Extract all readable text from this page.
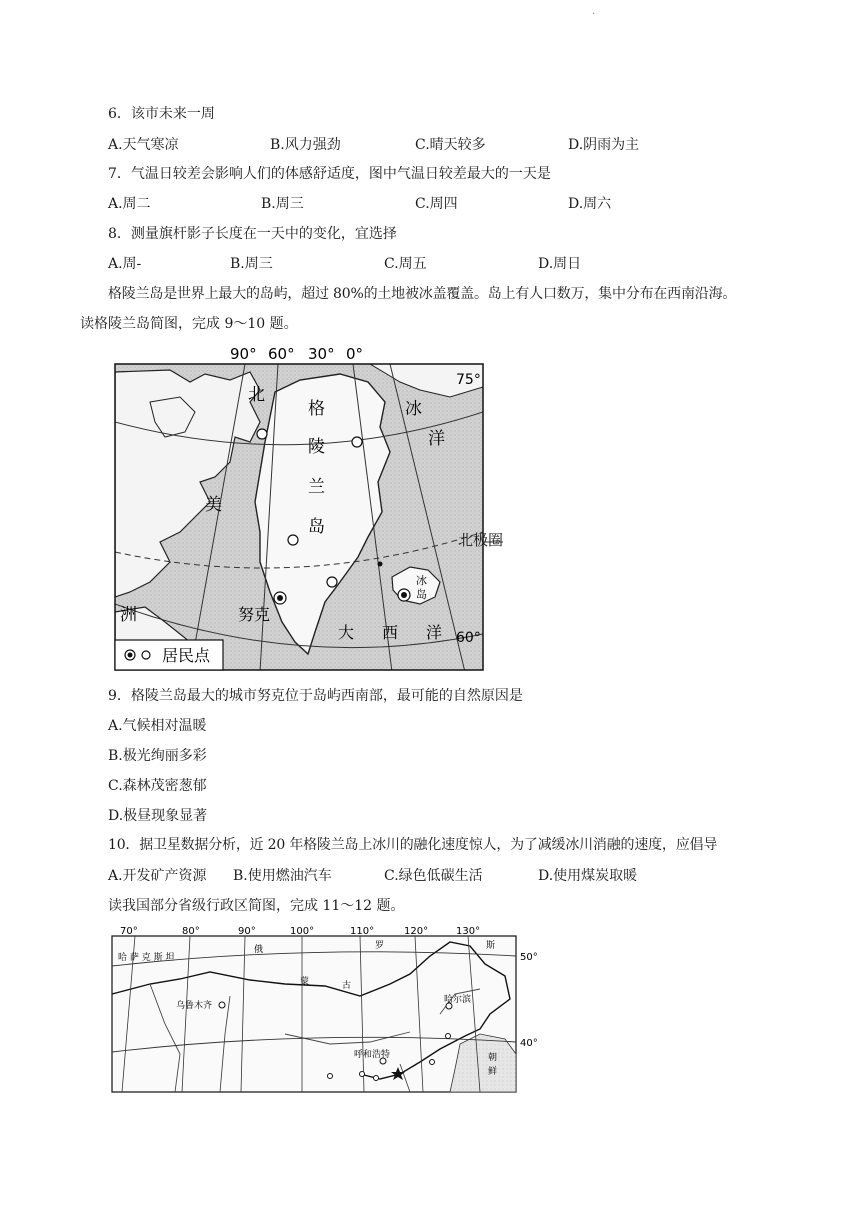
.
6．该市未来一周
A.天气寒凉	B.风力强劲	C.晴天较多	D.阴雨为主
7．气温日较差会影响人们的体感舒适度，图中气温日较差最大的一天是
A.周二	B.周三	C.周四	D.周六
8．测量旗杆影子长度在一天中的变化，宜选择
A.周-	B.周三	C.周五	D.周日
格陵兰岛是世界上最大的岛屿，超过 80%的土地被冰盖覆盖。岛上有人口数万，集中分布在西南沿海。
读格陵兰岛简图，完成 9～10 题。
90° 60° 30° 0°
75°
60°
北
冰
洋
格
陵
兰
岛
美
洲	努克
大 西 洋
冰
岛
居民点
北极圈
9．格陵兰岛最大的城市努克位于岛屿西南部，最可能的自然原因是
A.气候相对温暖
B.极光绚丽多彩
C.森林茂密葱郁
D.极昼现象显著
10．据卫星数据分析，近 20 年格陵兰岛上冰川的融化速度惊人，为了减缓冰川消融的速度，应倡导
A.开发矿产资源 B.使用燃油汽车	C.绿色低碳生活	D.使用煤炭取暖
读我国部分省级行政区简图，完成 11～12 题。
70°	80°	90°	100°	110°	120°	130°
50°
40°
哈 萨 克 斯 坦
俄	罗	斯
蒙	古
乌鲁木齐
呼和浩特
哈尔滨
朝
鲜
